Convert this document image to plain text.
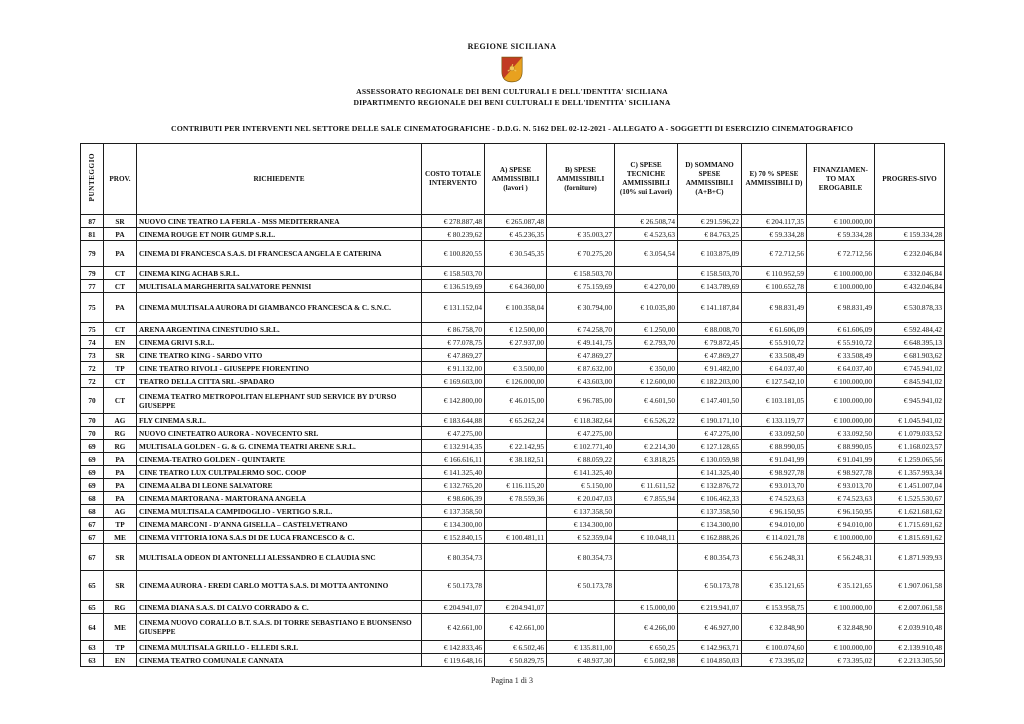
REGIONE SICILIANA
ASSESSORATO REGIONALE DEI BENI CULTURALI E DELL'IDENTITA' SICILIANA
DIPARTIMENTO REGIONALE DEI BENI CULTURALI E DELL'IDENTITA' SICILIANA
CONTRIBUTI PER INTERVENTI NEL SETTORE DELLE SALE CINEMATOGRAFICHE - D.D.G. N. 5162 DEL 02-12-2021 - ALLEGATO A - SOGGETTI DI ESERCIZIO CINEMATOGRAFICO
PUNTEGGIO	PROV.	RICHIEDENTE	COSTO TOTALE INTERVENTO	A) SPESE AMMISSIBILI (lavori )	B) SPESE AMMISSIBILI (forniture)	C) SPESE TECNICHE AMMISSIBILI (10% sui Lavori)	D) SOMMANO SPESE AMMISSIBILI (A+B+C)	E) 70 % SPESE AMMISSIBILI D)	FINANZIAMEN-TO MAX EROGABILE	PROGRES-SIVO
87	SR	NUOVO CINE TEATRO LA FERLA - MSS MEDITERRANEA	€ 278.887,48	€ 265.087,48		€ 26.508,74	€ 291.596,22	€ 204.117,35	€ 100.000,00	
81	PA	CINEMA ROUGE ET NOIR GUMP S.R.L.	€ 80.239,62	€ 45.236,35	€ 35.003,27	€ 4.523,63	€ 84.763,25	€ 59.334,28	€ 59.334,28	€ 159.334,28
79	PA	CINEMA DI FRANCESCA S.A.S. DI FRANCESCA ANGELA E CATERINA	€ 100.820,55	€ 30.545,35	€ 70.275,20	€ 3.054,54	€ 103.875,09	€ 72.712,56	€ 72.712,56	€ 232.046,84
79	CT	CINEMA KING ACHAB S.R.L.	€ 158.503,70		€ 158.503,70		€ 158.503,70	€ 110.952,59	€ 100.000,00	€ 332.046,84
77	CT	MULTISALA MARGHERITA SALVATORE PENNISI	€ 136.519,69	€ 64.360,00	€ 75.159,69	€ 4.270,00	€ 143.789,69	€ 100.652,78	€ 100.000,00	€ 432.046,84
75	PA	CINEMA MULTISALA AURORA DI GIAMBANCO FRANCESCA & C. S.N.C.	€ 131.152,04	€ 100.358,04	€ 30.794,00	€ 10.035,80	€ 141.187,84	€ 98.831,49	€ 98.831,49	€ 530.878,33
75	CT	ARENA ARGENTINA CINESTUDIO S.R.L.	€ 86.758,70	€ 12.500,00	€ 74.258,70	€ 1.250,00	€ 88.008,70	€ 61.606,09	€ 61.606,09	€ 592.484,42
74	EN	CINEMA GRIVI S.R.L.	€ 77.078,75	€ 27.937,00	€ 49.141,75	€ 2.793,70	€ 79.872,45	€ 55.910,72	€ 55.910,72	€ 648.395,13
73	SR	CINE TEATRO KING - SARDO VITO	€ 47.869,27		€ 47.869,27		€ 47.869,27	€ 33.508,49	€ 33.508,49	€ 681.903,62
72	TP	CINE TEATRO RIVOLI - GIUSEPPE FIORENTINO	€ 91.132,00	€ 3.500,00	€ 87.632,00	€ 350,00	€ 91.482,00	€ 64.037,40	€ 64.037,40	€ 745.941,02
72	CT	TEATRO DELLA CITTA SRL -SPADARO	€ 169.603,00	€ 126.000,00	€ 43.603,00	€ 12.600,00	€ 182.203,00	€ 127.542,10	€ 100.000,00	€ 845.941,02
70	CT	CINEMA TEATRO METROPOLITAN ELEPHANT SUD SERVICE BY D'URSO GIUSEPPE	€ 142.800,00	€ 46.015,00	€ 96.785,00	€ 4.601,50	€ 147.401,50	€ 103.181,05	€ 100.000,00	€ 945.941,02
70	AG	FLY CINEMA S.R.L.	€ 183.644,88	€ 65.262,24	€ 118.382,64	€ 6.526,22	€ 190.171,10	€ 133.119,77	€ 100.000,00	€ 1.045.941,02
70	RG	NUOVO CINETEATRO AURORA - NOVECENTO SRL	€ 47.275,00		€ 47.275,00		€ 47.275,00	€ 33.092,50	€ 33.092,50	€ 1.079.033,52
69	RG	MULTISALA GOLDEN - G. & G. CINEMA TEATRI ARENE S.R.L.	€ 132.914,35	€ 22.142,95	€ 102.771,40	€ 2.214,30	€ 127.128,65	€ 88.990,05	€ 88.990,05	€ 1.168.023,57
69	PA	CINEMA-TEATRO GOLDEN - QUINTARTE	€ 166.616,11	€ 38.182,51	€ 88.059,22	€ 3.818,25	€ 130.059,98	€ 91.041,99	€ 91.041,99	€ 1.259.065,56
69	PA	CINE TEATRO LUX CULTPALERMO SOC. COOP	€ 141.325,40		€ 141.325,40		€ 141.325,40	€ 98.927,78	€ 98.927,78	€ 1.357.993,34
69	PA	CINEMA ALBA DI LEONE SALVATORE	€ 132.765,20	€ 116.115,20	€ 5.150,00	€ 11.611,52	€ 132.876,72	€ 93.013,70	€ 93.013,70	€ 1.451.007,04
68	PA	CINEMA MARTORANA - MARTORANA ANGELA	€ 98.606,39	€ 78.559,36	€ 20.047,03	€ 7.855,94	€ 106.462,33	€ 74.523,63	€ 74.523,63	€ 1.525.530,67
68	AG	CINEMA MULTISALA CAMPIDOGLIO - VERTIGO S.R.L.	€ 137.358,50		€ 137.358,50		€ 137.358,50	€ 96.150,95	€ 96.150,95	€ 1.621.681,62
67	TP	CINEMA MARCONI - D'ANNA GISELLA – CASTELVETRANO	€ 134.300,00		€ 134.300,00		€ 134.300,00	€ 94.010,00	€ 94.010,00	€ 1.715.691,62
67	ME	CINEMA VITTORIA IONA S.A.S DI DE LUCA FRANCESCO & C.	€ 152.840,15	€ 100.481,11	€ 52.359,04	€ 10.048,11	€ 162.888,26	€ 114.021,78	€ 100.000,00	€ 1.815.691,62
67	SR	MULTISALA ODEON DI ANTONELLI ALESSANDRO E CLAUDIA SNC	€ 80.354,73		€ 80.354,73		€ 80.354,73	€ 56.248,31	€ 56.248,31	€ 1.871.939,93
65	SR	CINEMA AURORA - EREDI CARLO MOTTA S.A.S. DI MOTTA ANTONINO	€ 50.173,78		€ 50.173,78		€ 50.173,78	€ 35.121,65	€ 35.121,65	€ 1.907.061,58
65	RG	CINEMA DIANA S.A.S. DI CALVO CORRADO & C.	€ 204.941,07	€ 204.941,07		€ 15.000,00	€ 219.941,07	€ 153.958,75	€ 100.000,00	€ 2.007.061,58
64	ME	CINEMA NUOVO CORALLO B.T. S.A.S. DI TORRE SEBASTIANO E BUONSENSO GIUSEPPE	€ 42.661,00	€ 42.661,00		€ 4.266,00	€ 46.927,00	€ 32.848,90	€ 32.848,90	€ 2.039.910,48
63	TP	CINEMA MULTISALA GRILLO - ELLEDI S.R.L	€ 142.833,46	€ 6.502,46	€ 135.811,00	€ 650,25	€ 142.963,71	€ 100.074,60	€ 100.000,00	€ 2.139.910,48
63	EN	CINEMA TEATRO COMUNALE CANNATA	€ 119.648,16	€ 50.829,75	€ 48.937,30	€ 5.082,98	€ 104.850,03	€ 73.395,02	€ 73.395,02	€ 2.213.305,50
Pagina 1 di 3
